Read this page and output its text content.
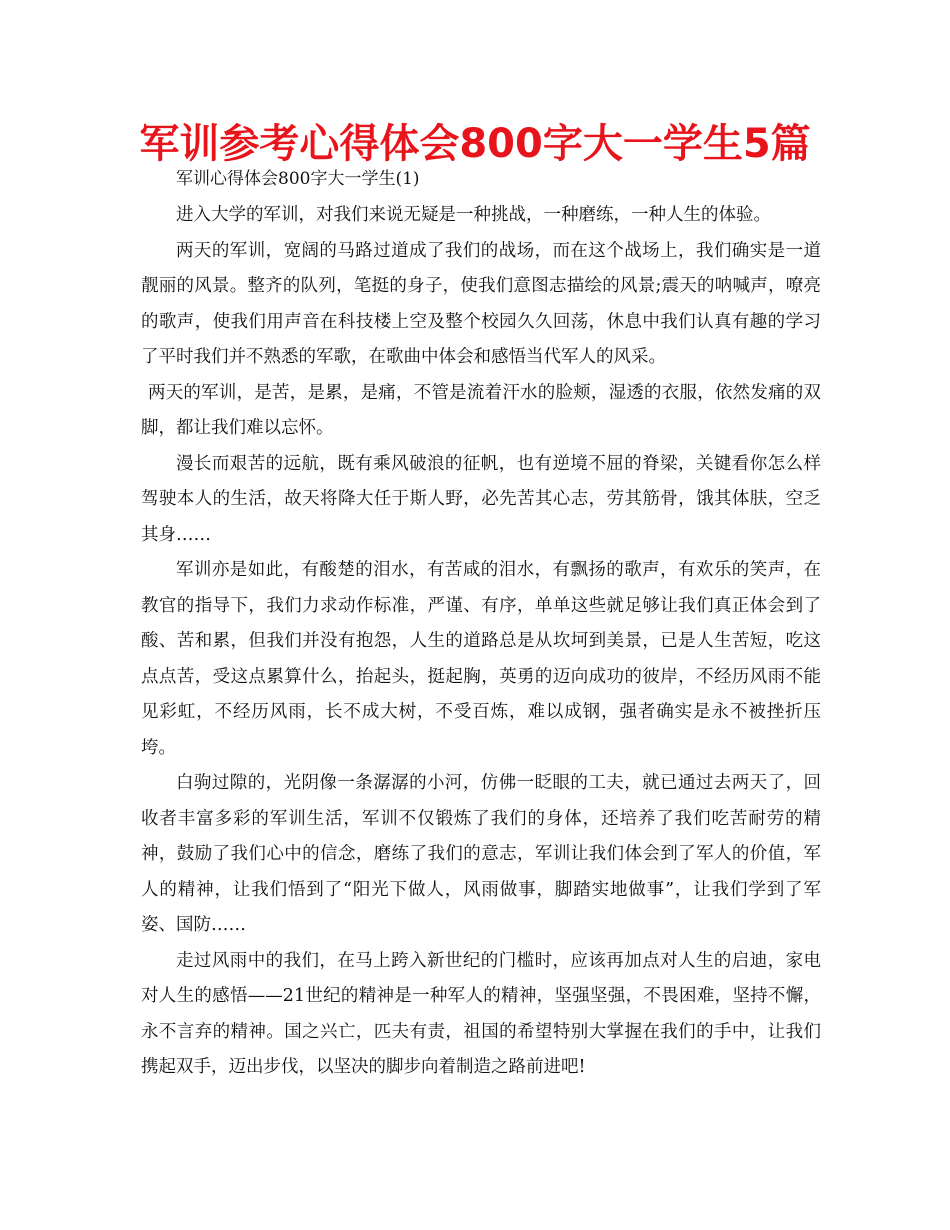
军训参考心得体会800字大一学生5篇

军训心得体会800字大一学生(1)

进入大学的军训，对我们来说无疑是一种挑战，一种磨练，一种人生的体验。

两天的军训，宽阔的马路过道成了我们的战场，而在这个战场上，我们确实是一道靓丽的风景。整齐的队列，笔挺的身子，使我们意图志描绘的风景;震天的呐喊声，嘹亮的歌声，使我们用声音在科技楼上空及整个校园久久回荡，休息中我们认真有趣的学习了平时我们并不熟悉的军歌，在歌曲中体会和感悟当代军人的风采。

两天的军训，是苦，是累，是痛，不管是流着汗水的脸颊，湿透的衣服，依然发痛的双脚，都让我们难以忘怀。

漫长而艰苦的远航，既有乘风破浪的征帆，也有逆境不屈的脊梁，关键看你怎么样驾驶本人的生活，故天将降大任于斯人野，必先苦其心志，劳其筋骨，饿其体肤，空乏其身……

军训亦是如此，有酸楚的泪水，有苦咸的泪水，有飘扬的歌声，有欢乐的笑声，在教官的指导下，我们力求动作标准，严谨、有序，单单这些就足够让我们真正体会到了酸、苦和累，但我们并没有抱怨，人生的道路总是从坎坷到美景，已是人生苦短，吃这点点苦，受这点累算什么，抬起头，挺起胸，英勇的迈向成功的彼岸，不经历风雨不能见彩虹，不经历风雨，长不成大树，不受百炼，难以成钢，强者确实是永不被挫折压垮。

白驹过隙的，光阴像一条潺潺的小河，仿佛一眨眼的工夫，就已通过去两天了，回收者丰富多彩的军训生活，军训不仅锻炼了我们的身体，还培养了我们吃苦耐劳的精神，鼓励了我们心中的信念，磨练了我们的意志，军训让我们体会到了军人的价值，军人的精神，让我们悟到了“阳光下做人，风雨做事，脚踏实地做事”，让我们学到了军姿、国防……

走过风雨中的我们，在马上跨入新世纪的门槛时，应该再加点对人生的启迪，家电对人生的感悟——21世纪的精神是一种军人的精神，坚强坚强，不畏困难，坚持不懈，永不言弃的精神。国之兴亡，匹夫有责，祖国的希望特别大掌握在我们的手中，让我们携起双手，迈出步伐，以坚决的脚步向着制造之路前进吧!
